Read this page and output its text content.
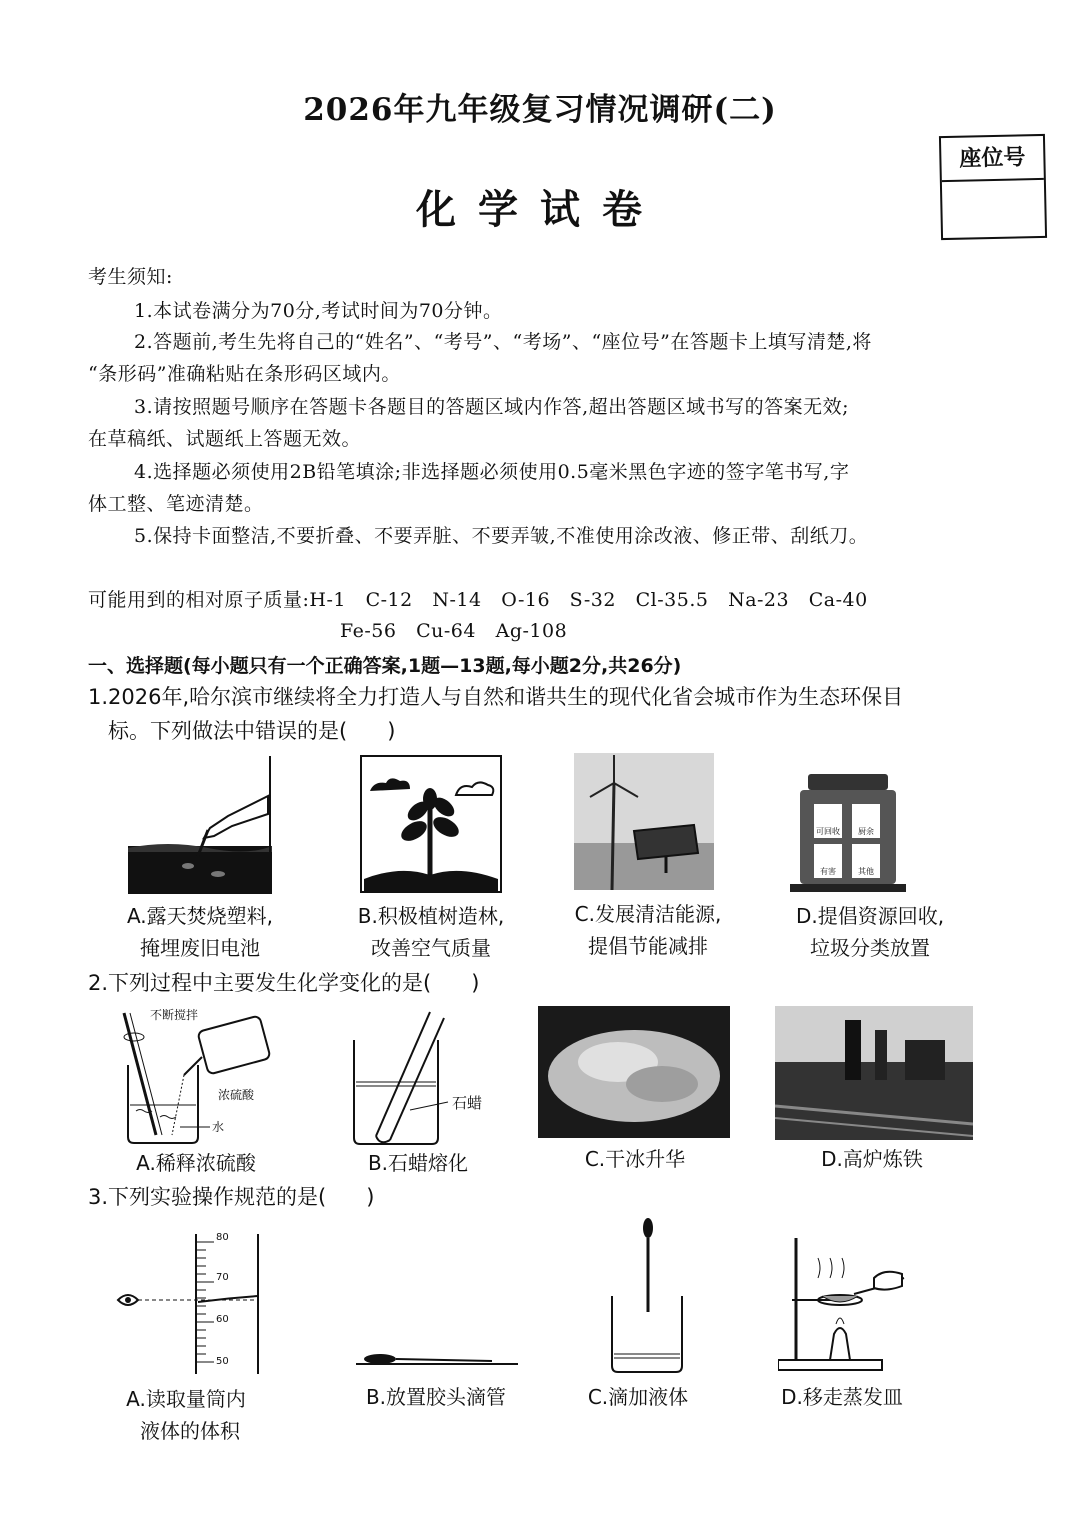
2026年九年级复习情况调研(二)
化学试卷
座位号
考生须知:
1.本试卷满分为70分,考试时间为70分钟。
2.答题前,考生先将自己的“姓名”、“考号”、“考场”、“座位号”在答题卡上填写清楚,将
“条形码”准确粘贴在条形码区域内。
3.请按照题号顺序在答题卡各题目的答题区域内作答,超出答题区域书写的答案无效;
在草稿纸、试题纸上答题无效。
4.选择题必须使用2B铅笔填涂;非选择题必须使用0.5毫米黑色字迹的签字笔书写,字
体工整、笔迹清楚。
5.保持卡面整洁,不要折叠、不要弄脏、不要弄皱,不准使用涂改液、修正带、刮纸刀。
可能用到的相对原子质量:H-1   C-12   N-14   O-16   S-32   Cl-35.5   Na-23   Ca-40
Fe-56   Cu-64   Ag-108
一、选择题(每小题只有一个正确答案,1题—13题,每小题2分,共26分)
1.2026年,哈尔滨市继续将全力打造人与自然和谐共生的现代化省会城市作为生态环保目
标。下列做法中错误的是(      )
可回收 厨余
有害	其他
A.露天焚烧塑料,
掩埋废旧电池
B.积极植树造林,
改善空气质量
C.发展清洁能源,
提倡节能减排
D.提倡资源回收,
垃圾分类放置
2.下列过程中主要发生化学变化的是(      )
不断搅拌
浓硫酸
水
石蜡
A.稀释浓硫酸	B.石蜡熔化	C.干冰升华	D.高炉炼铁
3.下列实验操作规范的是(      )
80
70
60
50
A.读取量筒内
液体的体积
B.放置胶头滴管	C.滴加液体	D.移走蒸发皿
